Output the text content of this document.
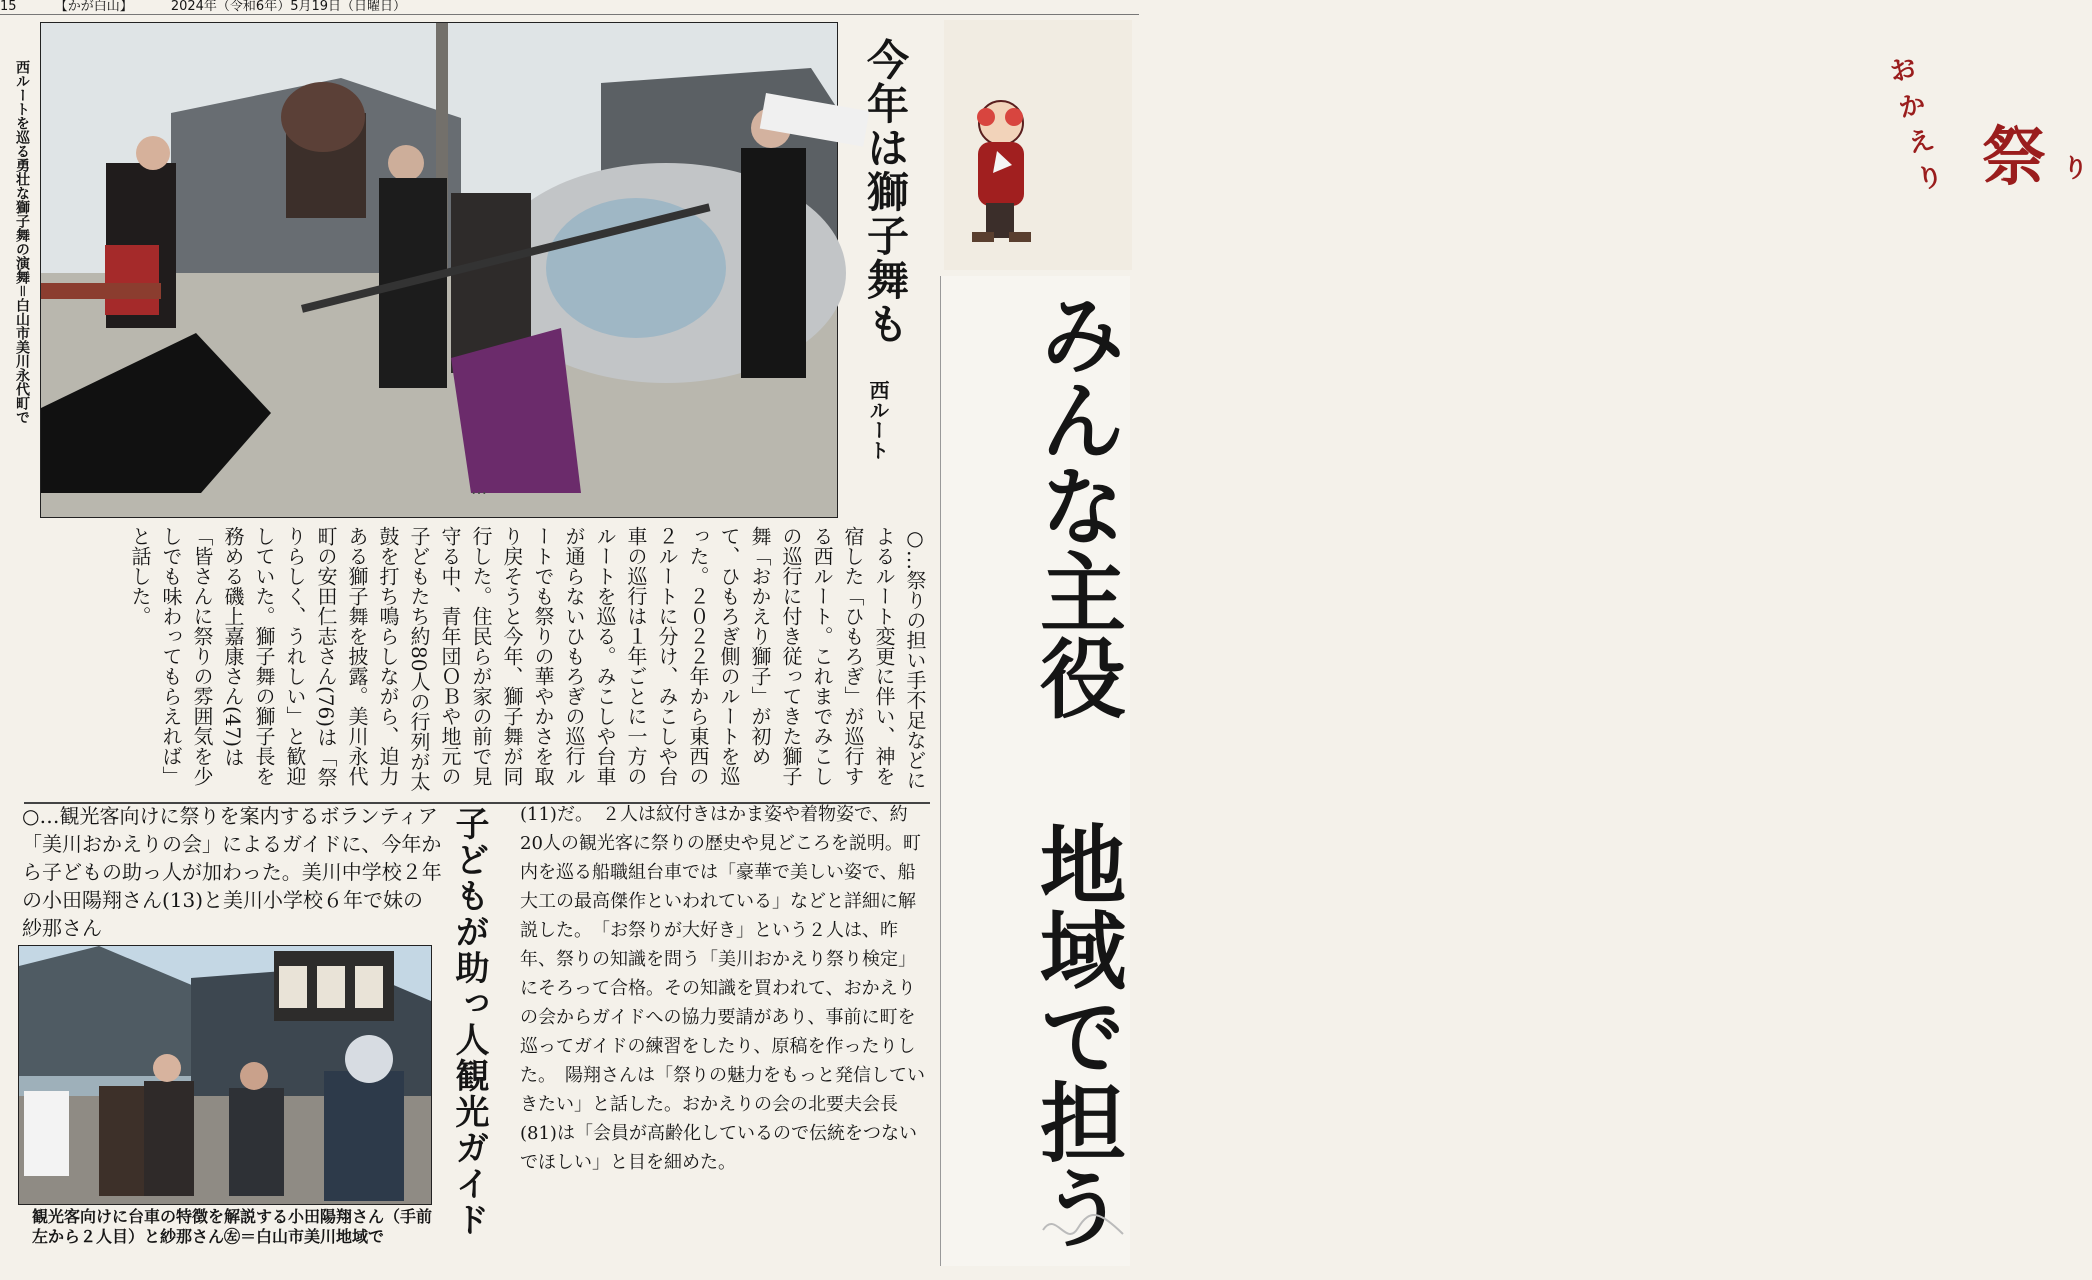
15	【かが白山】	2024年（令和6年）5月19日（日曜日）
⋯
西ルートを巡る勇壮な獅子舞の演舞＝白山市美川永代町で	今年は獅子舞も
西ルート
おかえり 祭 り
みんな主役 地域で担う
○…祭りの担い手不足などによるルート変更に伴い、神を宿した「ひもろぎ」が巡行する西ルート。これまでみこしの巡行に付き従ってきた獅子舞「おかえり獅子」が初めて、ひもろぎ側のルートを巡った。２０２２年から東西の２ルートに分け、みこしや台車の巡行は１年ごとに一方のルートを巡る。みこしや台車が通らないひもろぎの巡行ルートでも祭りの華やかさを取り戻そうと今年、獅子舞が同行した。住民らが家の前で見守る中、青年団ＯＢや地元の子どもたち約80人の行列が太鼓を打ち鳴らしながら、迫力ある獅子舞を披露。美川永代町の安田仁志さん(76)は「祭りらしく、うれしい」と歓迎していた。獅子舞の獅子長を務める磯上嘉康さん(47)は「皆さんに祭りの雰囲気を少しでも味わってもらえれば」と話した。
○…観光客向けに祭りを案内するボランティア「美川おかえりの会」によるガイドに、今年から子どもの助っ人が加わった。美川中学校２年の小田陽翔さん(13)と美川小学校６年で妹の紗那さん
観光客向けに台車の特徴を解説する小田陽翔さん（手前左から２人目）と紗那さん㊧＝白山市美川地域で	子どもが助っ人観光ガイド (11)だ。　２人は紋付きはかま姿や着物姿で、約20人の観光客に祭りの歴史や見どころを説明。町内を巡る船職組台車では「豪華で美しい姿で、船大工の最高傑作といわれている」などと詳細に解説した。　「お祭りが大好き」という２人は、昨年、祭りの知識を問う「美川おかえり祭り検定」にそろって合格。その知識を買われて、おかえりの会からガイドへの協力要請があり、事前に町を巡ってガイドの練習をしたり、原稿を作ったりした。　陽翔さんは「祭りの魅力をもっと発信していきたい」と話した。おかえりの会の北要夫会長(81)は「会員が高齢化しているので伝統をつないでほしい」と目を細めた。
